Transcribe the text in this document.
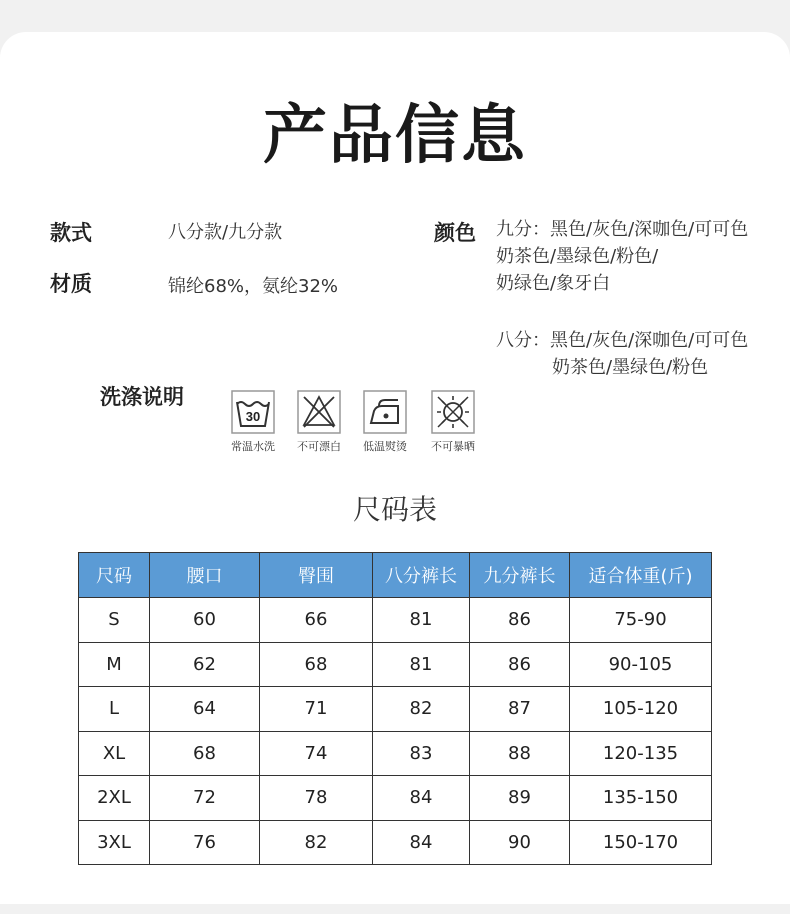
产品信息
款式	八分款/九分款
材质	锦纶68%，氨纶32%
颜色 九分：黑色/灰色/深咖色/可可色
奶茶色/墨绿色/粉色/
奶绿色/象牙白
八分：黑色/灰色/深咖色/可可色
奶茶色/墨绿色/粉色
洗涤说明
30
常温水洗	不可漂白	低温熨烫	不可暴晒
尺码表
尺码	腰口	臀围	八分裤长	九分裤长	适合体重(斤)
S	60	66	81	86	75-90
M	62	68	81	86	90-105
L	64	71	82	87	105-120
XL	68	74	83	88	120-135
2XL	72	78	84	89	135-150
3XL	76	82	84	90	150-170
